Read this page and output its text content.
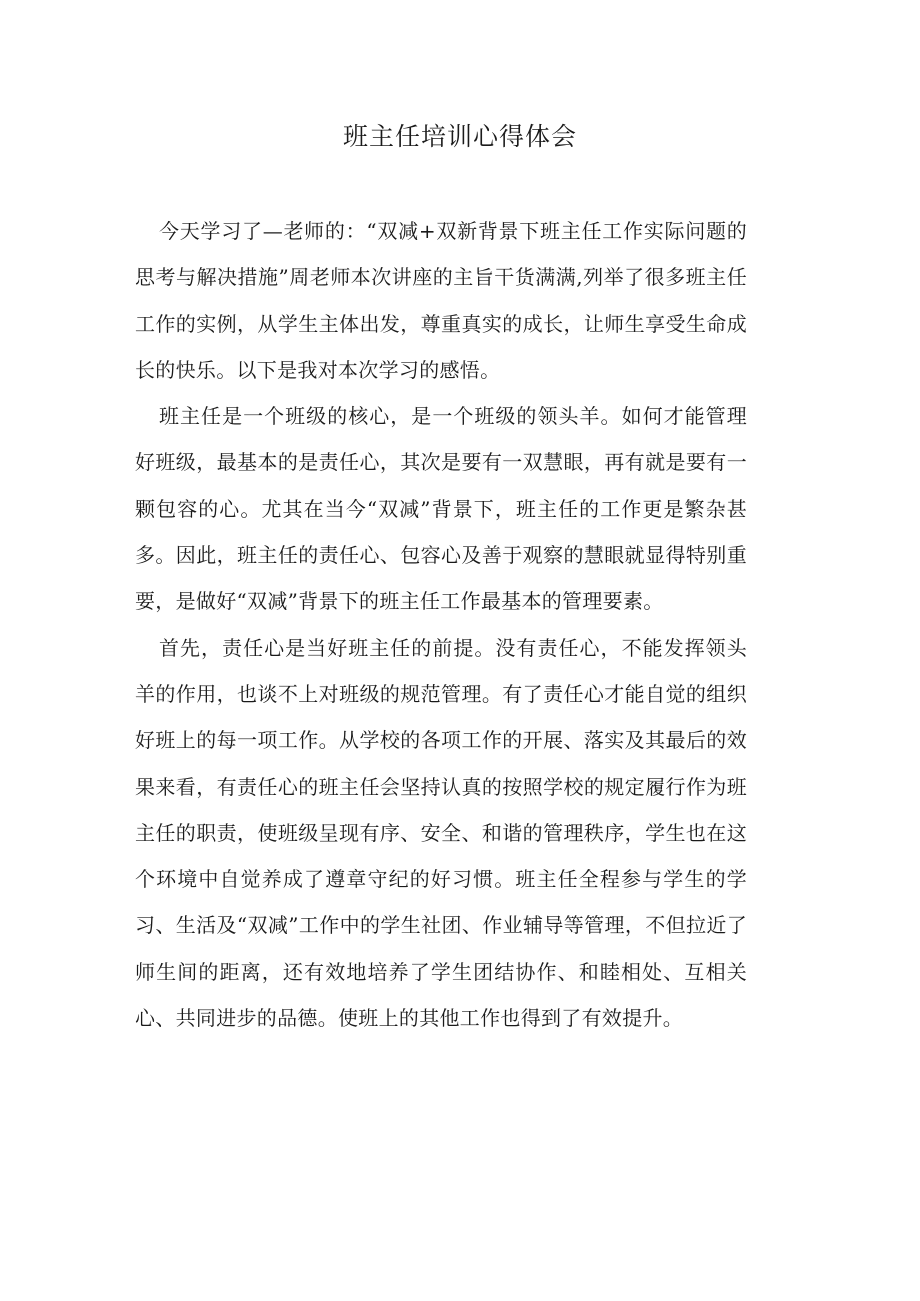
班主任培训心得体会

今天学习了—老师的：“双减+双新背景下班主任工作实际问题的思考与解决措施”周老师本次讲座的主旨干货满满,列举了很多班主任工作的实例，从学生主体出发，尊重真实的成长，让师生享受生命成长的快乐。以下是我对本次学习的感悟。

班主任是一个班级的核心，是一个班级的领头羊。如何才能管理好班级，最基本的是责任心，其次是要有一双慧眼，再有就是要有一颗包容的心。尤其在当今“双减”背景下，班主任的工作更是繁杂甚多。因此，班主任的责任心、包容心及善于观察的慧眼就显得特别重要，是做好“双减”背景下的班主任工作最基本的管理要素。

首先，责任心是当好班主任的前提。没有责任心，不能发挥领头羊的作用，也谈不上对班级的规范管理。有了责任心才能自觉的组织好班上的每一项工作。从学校的各项工作的开展、落实及其最后的效果来看，有责任心的班主任会坚持认真的按照学校的规定履行作为班主任的职责，使班级呈现有序、安全、和谐的管理秩序，学生也在这个环境中自觉养成了遵章守纪的好习惯。班主任全程参与学生的学习、生活及“双减”工作中的学生社团、作业辅导等管理，不但拉近了师生间的距离，还有效地培养了学生团结协作、和睦相处、互相关心、共同进步的品德。使班上的其他工作也得到了有效提升。
